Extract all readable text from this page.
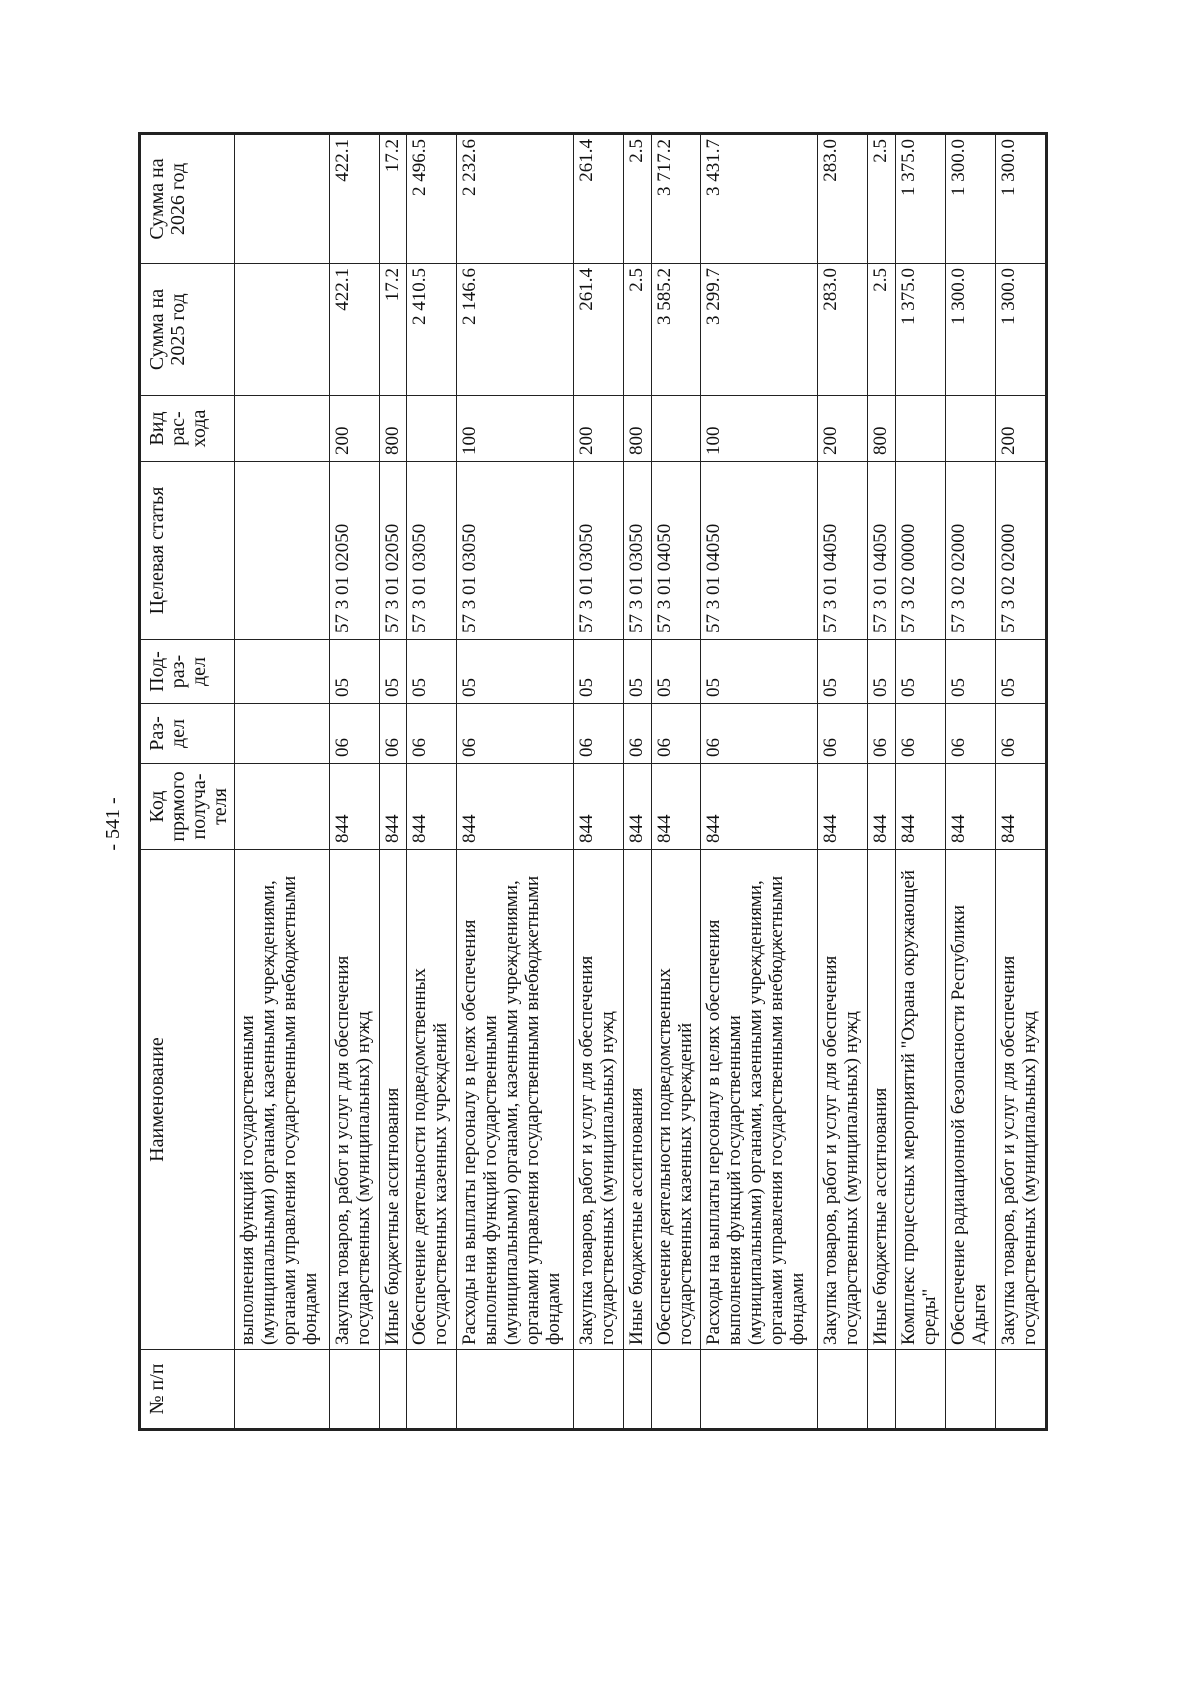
- 541 -
№ п/п	Наименование	Код прямого получа-теля	Раз-дел	Под-раз-дел	Целевая статья	Вид рас-хода	Сумма на 2025 год	Сумма на 2026 год
	выполнения функций государственными (муниципальными) органами, казенными учреждениями, органами управления государственными внебюджетными фондами							
	Закупка товаров, работ и услуг для обеспечения государственных (муниципальных) нужд	844	06	05	57 3 01 02050	200	422.1	422.1
	Иные бюджетные ассигнования	844	06	05	57 3 01 02050	800	17.2	17.2
	Обеспечение деятельности подведомственных государственных казенных учреждений	844	06	05	57 3 01 03050		2 410.5	2 496.5
	Расходы на выплаты персоналу в целях обеспечения выполнения функций государственными (муниципальными) органами, казенными учреждениями, органами управления государственными внебюджетными фондами	844	06	05	57 3 01 03050	100	2 146.6	2 232.6
	Закупка товаров, работ и услуг для обеспечения государственных (муниципальных) нужд	844	06	05	57 3 01 03050	200	261.4	261.4
	Иные бюджетные ассигнования	844	06	05	57 3 01 03050	800	2.5	2.5
	Обеспечение деятельности подведомственных государственных казенных учреждений	844	06	05	57 3 01 04050		3 585.2	3 717.2
	Расходы на выплаты персоналу в целях обеспечения выполнения функций государственными (муниципальными) органами, казенными учреждениями, органами управления государственными внебюджетными фондами	844	06	05	57 3 01 04050	100	3 299.7	3 431.7
	Закупка товаров, работ и услуг для обеспечения государственных (муниципальных) нужд	844	06	05	57 3 01 04050	200	283.0	283.0
	Иные бюджетные ассигнования	844	06	05	57 3 01 04050	800	2.5	2.5
	Комплекс процессных мероприятий "Охрана окружающей среды"	844	06	05	57 3 02 00000		1 375.0	1 375.0
	Обеспечение радиационной безопасности Республики Адыгея	844	06	05	57 3 02 02000		1 300.0	1 300.0
	Закупка товаров, работ и услуг для обеспечения государственных (муниципальных) нужд	844	06	05	57 3 02 02000	200	1 300.0	1 300.0
